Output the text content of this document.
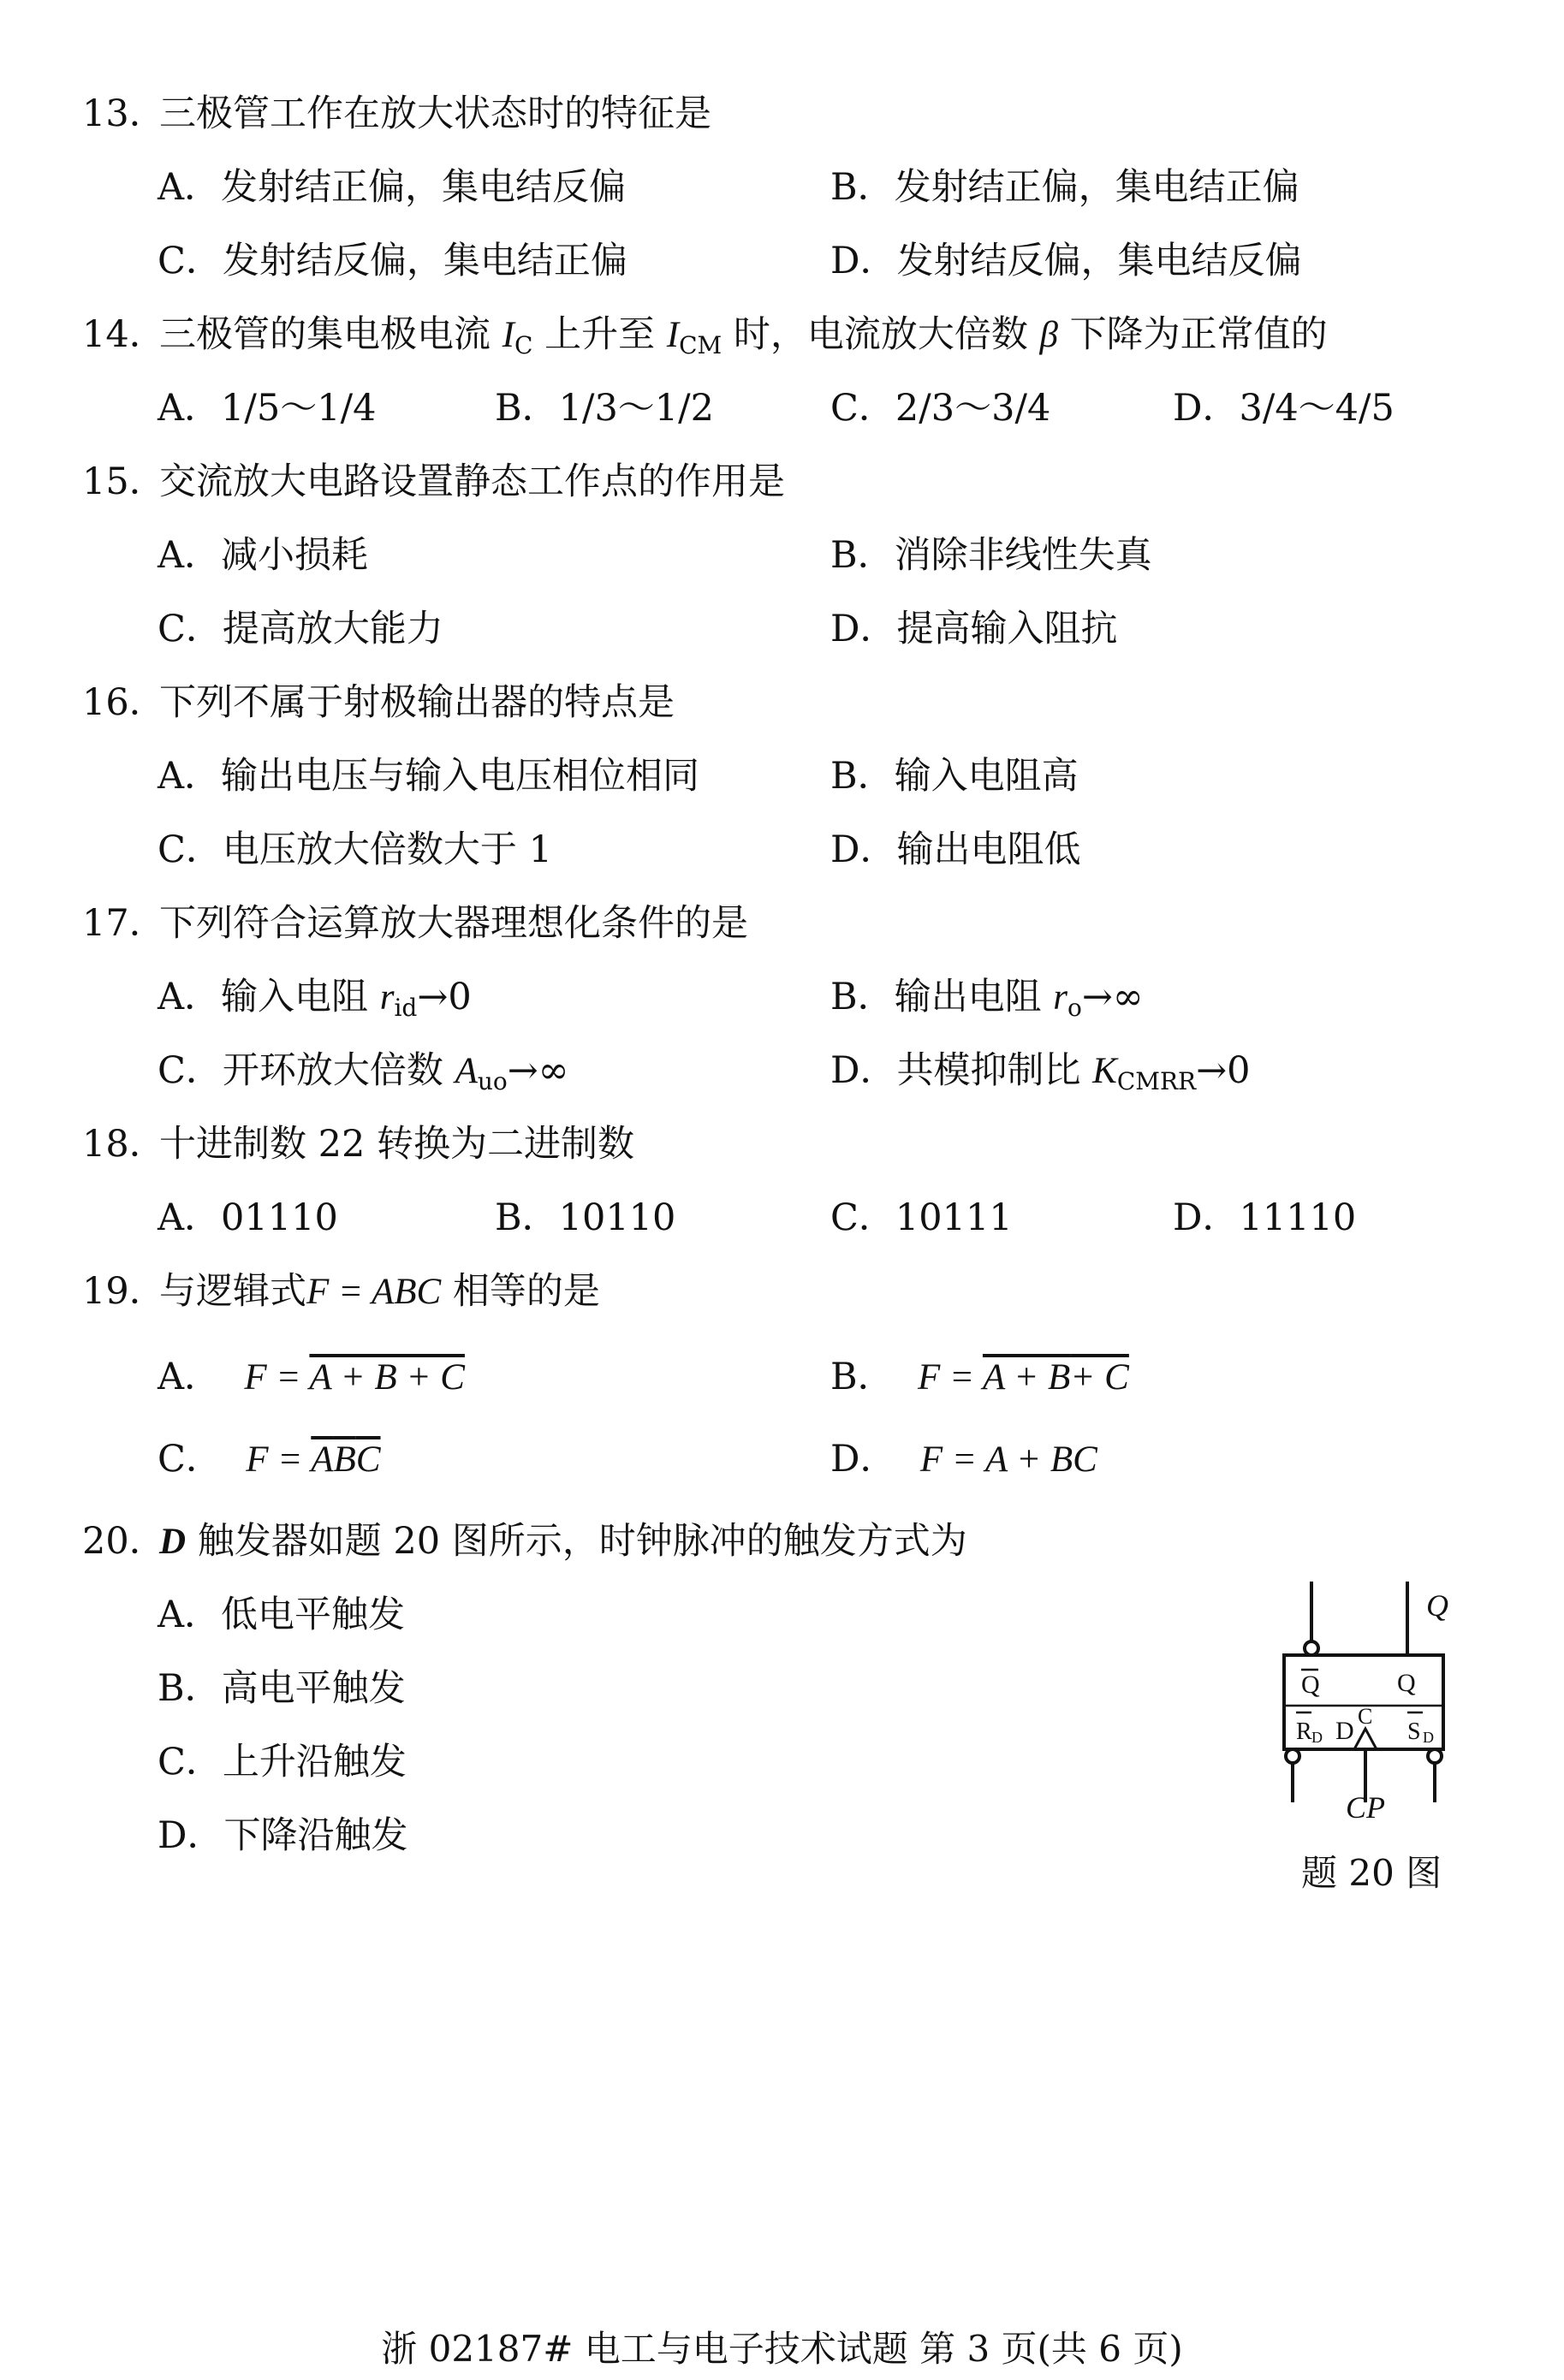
13．
三极管工作在放大状态时的特征是
A．发射结正偏，集电结反偏	B．发射结正偏，集电结正偏
C．发射结反偏，集电结正偏	D．发射结反偏，集电结反偏
14．
三极管的集电极电流 $I_C$ 上升至 $I_{CM}$ 时，电流放大倍数 β 下降为正常值的
A．1/5～1/4	B．1/3～1/2	C．2/3～3/4	D．3/4～4/5
15．
交流放大电路设置静态工作点的作用是
A．减小损耗	B．消除非线性失真
C．提高放大能力	D．提高输入阻抗
16．
下列不属于射极输出器的特点是
A．输出电压与输入电压相位相同	B．输入电阻高
C．电压放大倍数大于 1	D．输出电阻低
17．
下列符合运算放大器理想化条件的是
A．输入电阻 $r_{id}\to 0$	B．输出电阻 $r_o\to\infty$
C．开环放大倍数 $A_{uo}\to\infty$	D．共模抑制比 $K_{CMRR}\to 0$
18．
十进制数 22 转换为二进制数
A．01110	B．10110	C．10111	D．11110
19．
与逻辑式F = ABC 相等的是
A． F = A + B + C	B． F = A + B+ C
C． $F = \overline{A}\overline{B}\overline{C}$	D． F = A + BC
20．
D 触发器如题 20 图所示，时钟脉冲的触发方式为
A．低电平触发
B．高电平触发
C．上升沿触发
D．下降沿触发
Q	Q
R D D
C
S D
Q
CP
题 20 图
浙 02187# 电工与电子技术试题 第 3 页(共 6 页)
